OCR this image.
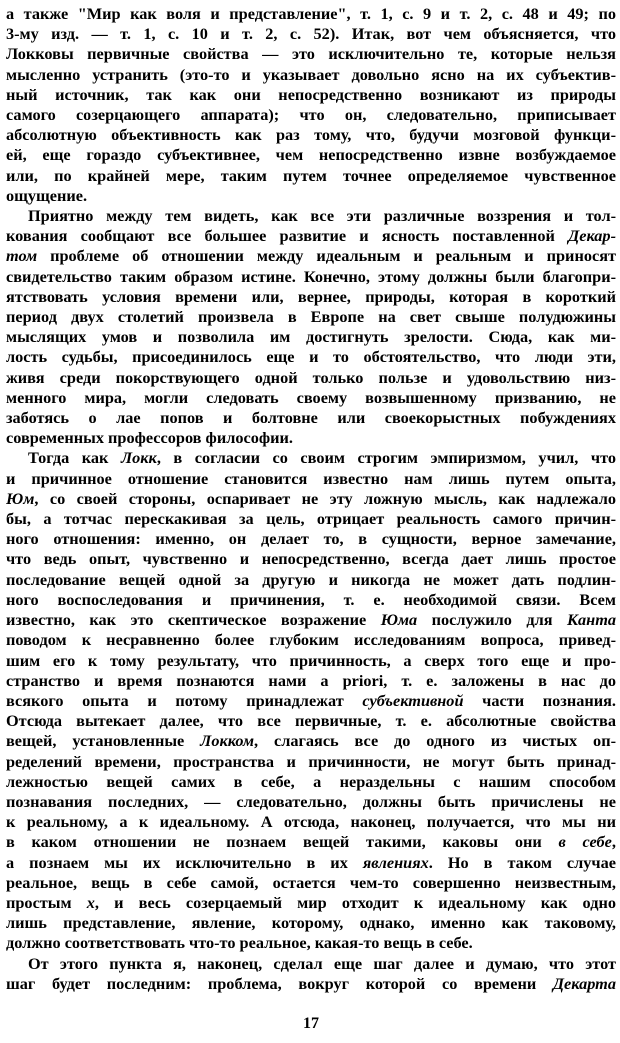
а также "Мир как воля и представление", т. 1, с. 9 и т. 2, с. 48 и 49; по
3-му изд. — т. 1, с. 10 и т. 2, с. 52). Итак, вот чем объясняется, что
Локковы первичные свойства — это исключительно те, которые нельзя
мысленно устранить (это-то и указывает довольно ясно на их субъектив-
ный источник, так как они непосредственно возникают из природы
самого созерцающего аппарата); что он, следовательно, приписывает
абсолютную объективность как раз тому, что, будучи мозговой функци-
ей, еще гораздо субъективнее, чем непосредственно извне возбуждаемое
или, по крайней мере, таким путем точнее определяемое чувственное
ощущение.
Приятно между тем видеть, как все эти различные воззрения и тол-
кования сообщают все большее развитие и ясность поставленной Декар-
том проблеме об отношении между идеальным и реальным и приносят
свидетельство таким образом истине. Конечно, этому должны были благопри-
ятствовать условия времени или, вернее, природы, которая в короткий
период двух столетий произвела в Европе на свет свыше полудюжины
мыслящих умов и позволила им достигнуть зрелости. Сюда, как ми-
лость судьбы, присоединилось еще и то обстоятельство, что люди эти,
живя среди покорствующего одной только пользе и удовольствию низ-
менного мира, могли следовать своему возвышенному призванию, не
заботясь о лае попов и болтовне или своекорыстных побуждениях
современных профессоров философии.
Тогда как Локк, в согласии со своим строгим эмпиризмом, учил, что
и причинное отношение становится известно нам лишь путем опыта,
Юм, со своей стороны, оспаривает не эту ложную мысль, как надлежало
бы, а тотчас перескакивая за цель, отрицает реальность самого причин-
ного отношения: именно, он делает то, в сущности, верное замечание,
что ведь опыт, чувственно и непосредственно, всегда дает лишь простое
последование вещей одной за другую и никогда не может дать подлин-
ного воспоследования и причинения, т. е. необходимой связи. Всем
известно, как это скептическое возражение Юма послужило для Канта
поводом к несравненно более глубоким исследованиям вопроса, привед-
шим его к тому результату, что причинность, а сверх того еще и про-
странство и время познаются нами a priori, т. е. заложены в нас до
всякого опыта и потому принадлежат субъективной части познания.
Отсюда вытекает далее, что все первичные, т. е. абсолютные свойства
вещей, установленные Локком, слагаясь все до одного из чистых оп-
ределений времени, пространства и причинности, не могут быть принад-
лежностью вещей самих в себе, а нераздельны с нашим способом
познавания последних, — следовательно, должны быть причислены не
к реальному, а к идеальному. А отсюда, наконец, получается, что мы ни
в каком отношении не познаем вещей такими, каковы они в себе,
а познаем мы их исключительно в их явлениях. Но в таком случае
реальное, вещь в себе самой, остается чем-то совершенно неизвестным,
простым х, и весь созерцаемый мир отходит к идеальному как одно
лишь представление, явление, которому, однако, именно как таковому,
должно соответствовать что-то реальное, какая-то вещь в себе.
От этого пункта я, наконец, сделал еще шаг далее и думаю, что этот
шаг будет последним: проблема, вокруг которой со времени Декарта
17
